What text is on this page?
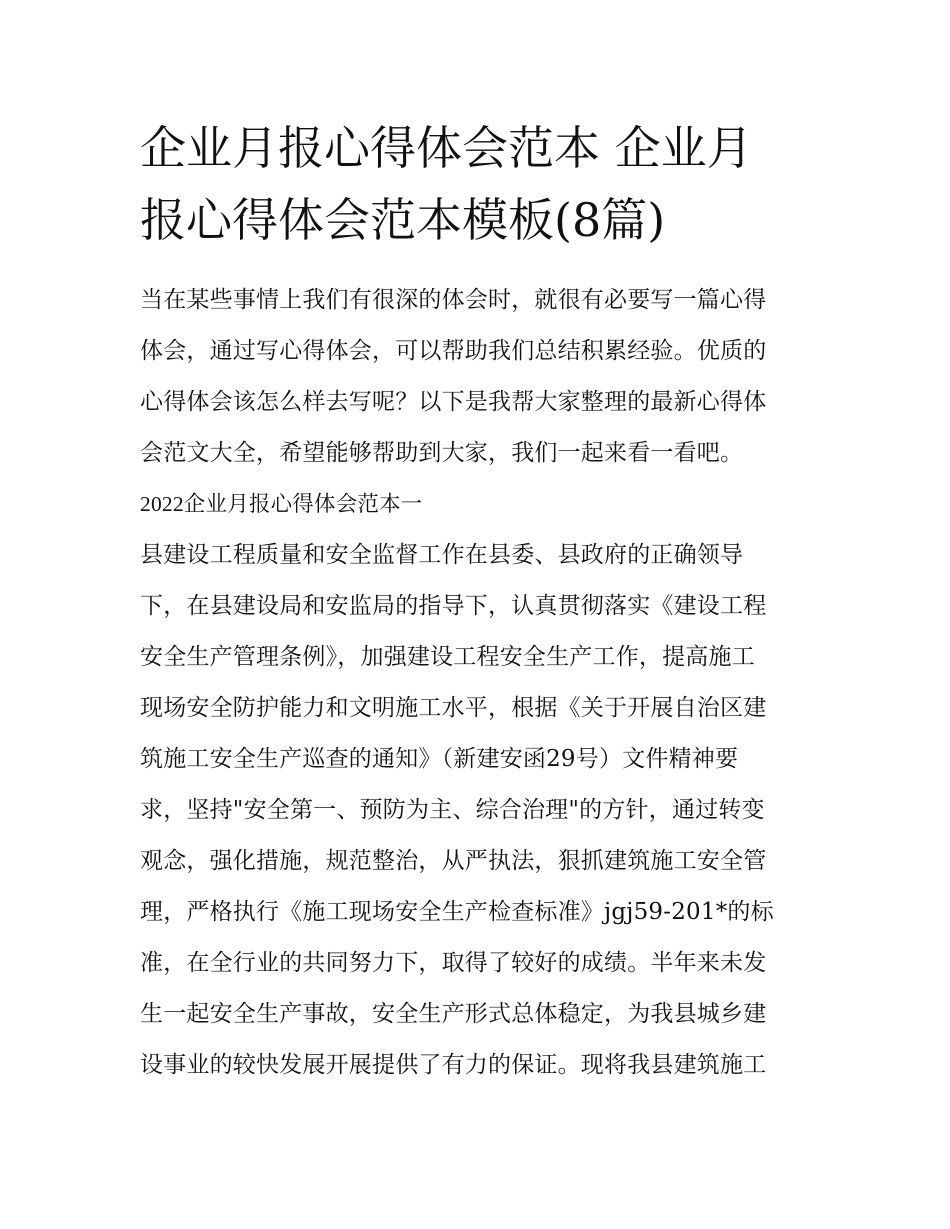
企业月报心得体会范本 企业月
报心得体会范本模板(8篇)
当在某些事情上我们有很深的体会时，就很有必要写一篇心得
体会，通过写心得体会，可以帮助我们总结积累经验。优质的
心得体会该怎么样去写呢？以下是我帮大家整理的最新心得体
会范文大全，希望能够帮助到大家，我们一起来看一看吧。
2022企业月报心得体会范本一
县建设工程质量和安全监督工作在县委、县政府的正确领导
下，在县建设局和安监局的指导下，认真贯彻落实《建设工程
安全生产管理条例》，加强建设工程安全生产工作，提高施工
现场安全防护能力和文明施工水平，根据《关于开展自治区建
筑施工安全生产巡查的通知》（新建安函29号）文件精神要
求，坚持"安全第一、预防为主、综合治理"的方针，通过转变
观念，强化措施，规范整治，从严执法，狠抓建筑施工安全管
理，严格执行《施工现场安全生产检查标准》jgj59-201*的标
准，在全行业的共同努力下，取得了较好的成绩。半年来未发
生一起安全生产事故，安全生产形式总体稳定，为我县城乡建
设事业的较快发展开展提供了有力的保证。现将我县建筑施工
